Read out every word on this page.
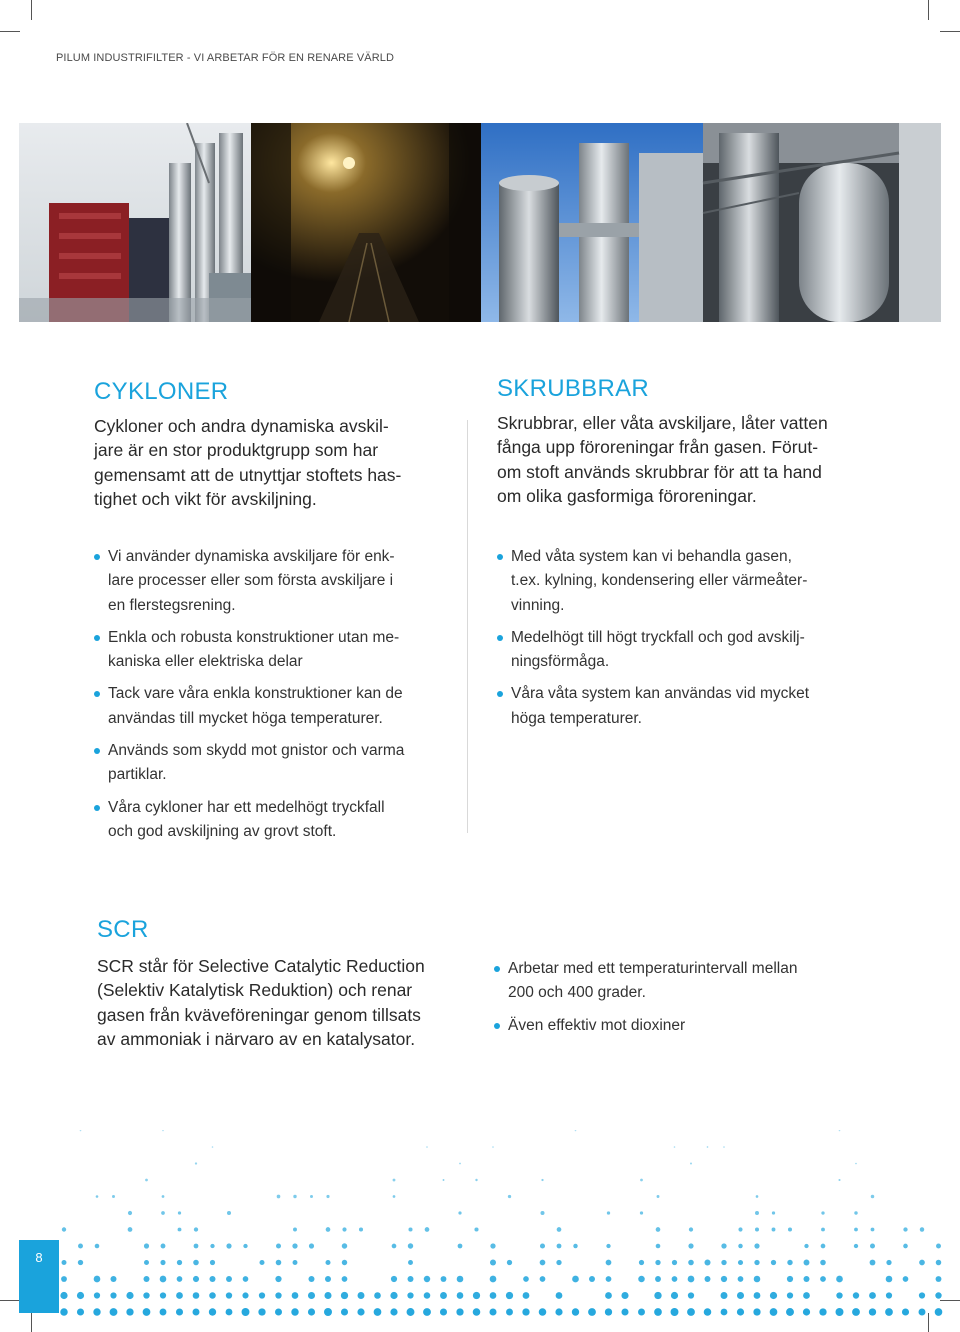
PILUM INDUSTRIFILTER - VI ARBETAR FÖR EN RENARE VÄRLD
CYKLONER
Cykloner och andra dynamiska avskil-
jare är en stor produktgrupp som har
gemensamt att de utnyttjar stoftets has-
tighet och vikt för avskiljning.
Vi använder dynamiska avskiljare för enk-
lare processer eller som första avskiljare i
en flerstegsrening.
Enkla och robusta konstruktioner utan me-
kaniska eller elektriska delar
Tack vare våra enkla konstruktioner kan de
användas till mycket höga temperaturer.
Används som skydd mot gnistor och varma
partiklar.
Våra cykloner har ett medelhögt tryckfall
och god avskiljning av grovt stoft.
SKRUBBRAR
Skrubbrar, eller våta avskiljare, låter vatten
fånga upp föroreningar från gasen. Förut-
om stoft används skrubbrar för att ta hand
om olika gasformiga föroreningar.
Med våta system kan vi behandla gasen,
t.ex. kylning, kondensering eller värmeåter-
vinning.
Medelhögt till högt tryckfall och god avskilj-
ningsförmåga.
Våra våta system kan användas vid mycket
höga temperaturer.
SCR
SCR står för Selective Catalytic Reduction
(Selektiv Katalytisk Reduktion) och renar
gasen från kväveföreningar genom tillsats
av ammoniak i närvaro av en katalysator.
Arbetar med ett temperaturintervall mellan
200 och 400 grader.
Även effektiv mot dioxiner
8
